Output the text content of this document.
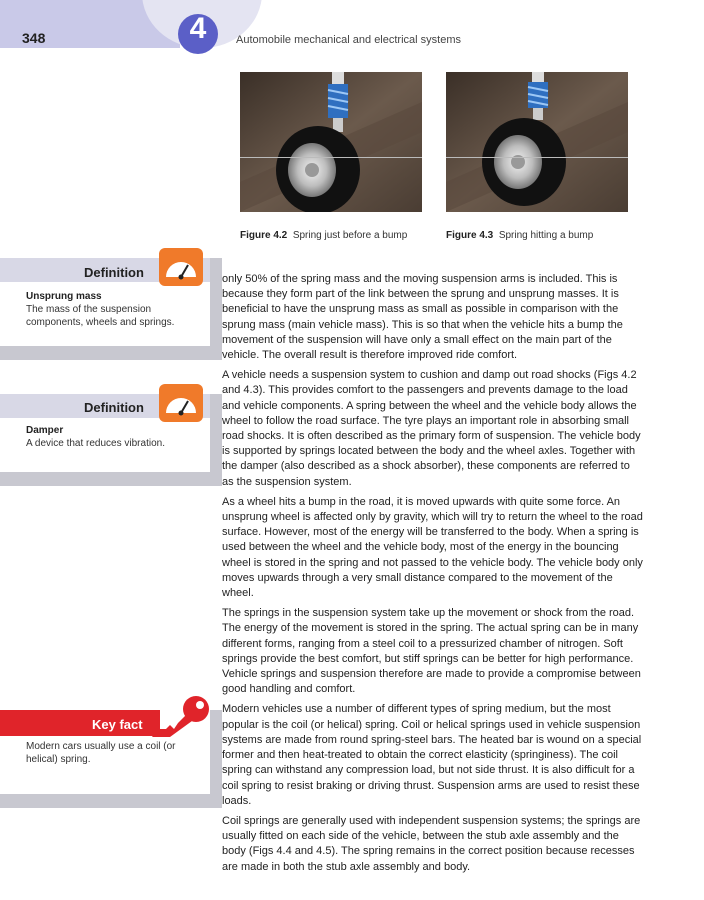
348	4	Automobile mechanical and electrical systems
Figure 4.2 Spring just before a bump	Figure 4.3 Spring hitting a bump
Definition
Unsprung mass
The mass of the suspension components, wheels and springs.
Definition
Damper
A device that reduces vibration.
Key fact
Modern cars usually use a coil (or helical) spring.

only 50% of the spring mass and the moving suspension arms is included. This is because they form part of the link between the sprung and unsprung masses. It is beneficial to have the unsprung mass as small as possible in comparison with the sprung mass (main vehicle mass). This is so that when the vehicle hits a bump the movement of the suspension will have only a small effect on the main part of the vehicle. The overall result is therefore improved ride comfort.

A vehicle needs a suspension system to cushion and damp out road shocks (Figs 4.2 and 4.3). This provides comfort to the passengers and prevents damage to the load and vehicle components. A spring between the wheel and the vehicle body allows the wheel to follow the road surface. The tyre plays an important role in absorbing small road shocks. It is often described as the primary form of suspension. The vehicle body is supported by springs located between the body and the wheel axles. Together with the damper (also described as a shock absorber), these components are referred to as the suspension system.

As a wheel hits a bump in the road, it is moved upwards with quite some force. An unsprung wheel is affected only by gravity, which will try to return the wheel to the road surface. However, most of the energy will be transferred to the body. When a spring is used between the wheel and the vehicle body, most of the energy in the bouncing wheel is stored in the spring and not passed to the vehicle body. The vehicle body only moves upwards through a very small distance compared to the movement of the wheel.

The springs in the suspension system take up the movement or shock from the road. The energy of the movement is stored in the spring. The actual spring can be in many different forms, ranging from a steel coil to a pressurized chamber of nitrogen. Soft springs provide the best comfort, but stiff springs can be better for high performance. Vehicle springs and suspension therefore are made to provide a compromise between good handling and comfort.

Modern vehicles use a number of different types of spring medium, but the most popular is the coil (or helical) spring. Coil or helical springs used in vehicle suspension systems are made from round spring-steel bars. The heated bar is wound on a special former and then heat-treated to obtain the correct elasticity (springiness). The coil spring can withstand any compression load, but not side thrust. It is also difficult for a coil spring to resist braking or driving thrust. Suspension arms are used to resist these loads.

Coil springs are generally used with independent suspension systems; the springs are usually fitted on each side of the vehicle, between the stub axle assembly and the body (Figs 4.4 and 4.5). The spring remains in the correct position because recesses are made in both the stub axle assembly and body.
